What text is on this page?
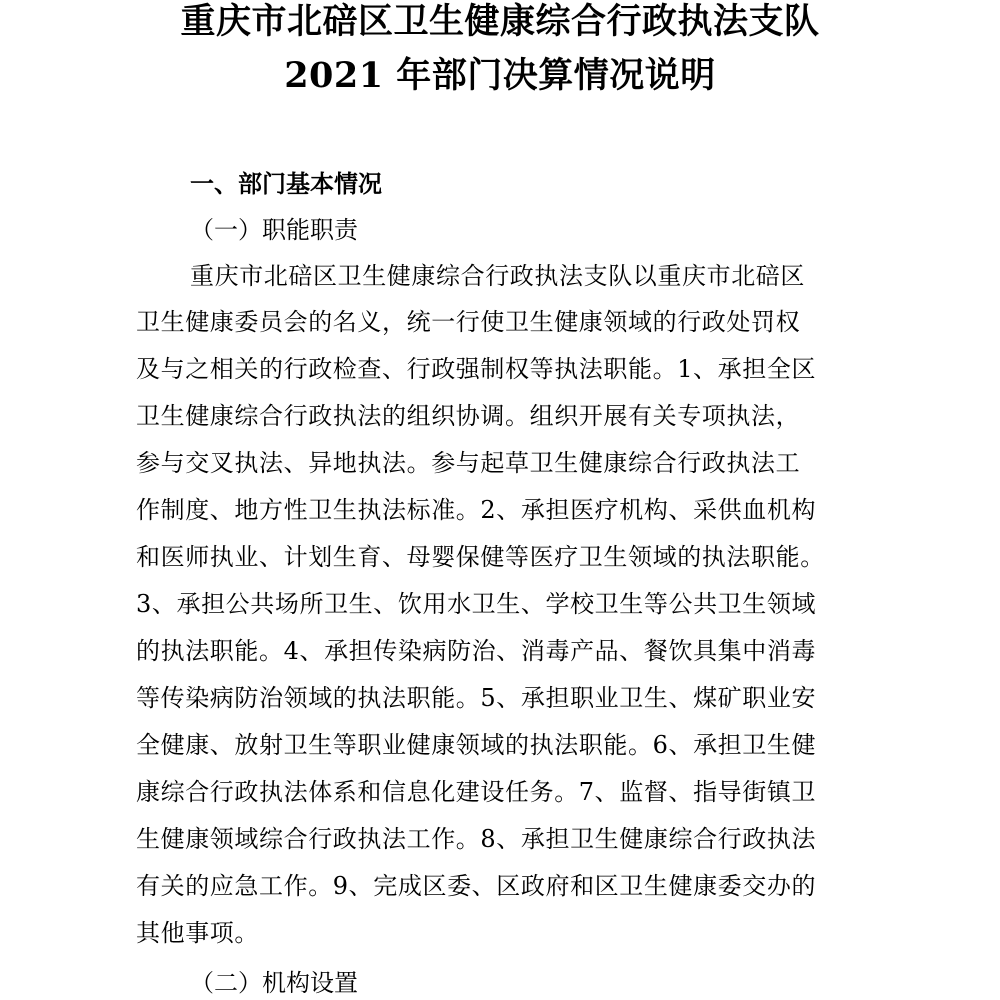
重庆市北碚区卫生健康综合行政执法支队
2021 年部门决算情况说明
一、部门基本情况
（一）职能职责
重庆市北碚区卫生健康综合行政执法支队以重庆市北碚区
卫生健康委员会的名义，统一行使卫生健康领域的行政处罚权
及与之相关的行政检查、行政强制权等执法职能。1、承担全区
卫生健康综合行政执法的组织协调。组织开展有关专项执法，
参与交叉执法、异地执法。参与起草卫生健康综合行政执法工
作制度、地方性卫生执法标准。2、承担医疗机构、采供血机构
和医师执业、计划生育、母婴保健等医疗卫生领域的执法职能。
3、承担公共场所卫生、饮用水卫生、学校卫生等公共卫生领域
的执法职能。4、承担传染病防治、消毒产品、餐饮具集中消毒
等传染病防治领域的执法职能。5、承担职业卫生、煤矿职业安
全健康、放射卫生等职业健康领域的执法职能。6、承担卫生健
康综合行政执法体系和信息化建设任务。7、监督、指导街镇卫
生健康领域综合行政执法工作。8、承担卫生健康综合行政执法
有关的应急工作。9、完成区委、区政府和区卫生健康委交办的
其他事项。
（二）机构设置
